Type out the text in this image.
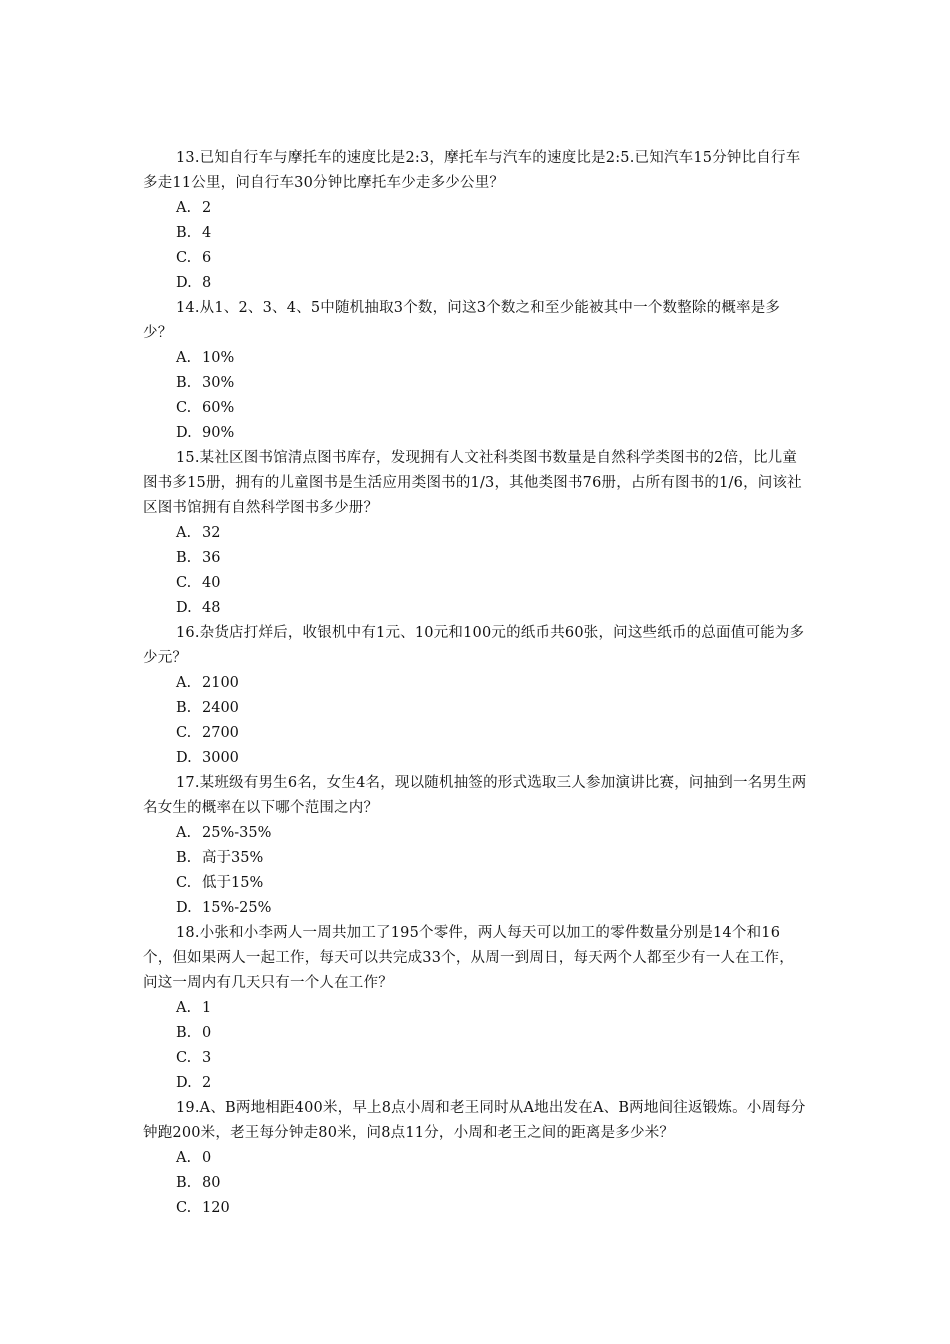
13.已知自行车与摩托车的速度比是2:3，摩托车与汽车的速度比是2:5.已知汽车15分钟比自行车多走11公里，问自行车30分钟比摩托车少走多少公里？

A. 2
B. 4
C. 6
D. 8

14.从1、2、3、4、5中随机抽取3个数，问这3个数之和至少能被其中一个数整除的概率是多少？

A. 10%
B. 30%
C. 60%
D. 90%

15.某社区图书馆清点图书库存，发现拥有人文社科类图书数量是自然科学类图书的2倍，比儿童图书多15册，拥有的儿童图书是生活应用类图书的1/3，其他类图书76册，占所有图书的1/6，问该社区图书馆拥有自然科学图书多少册？

A. 32
B. 36
C. 40
D. 48

16.杂货店打烊后，收银机中有1元、10元和100元的纸币共60张，问这些纸币的总面值可能为多少元？

A. 2100
B. 2400
C. 2700
D. 3000

17.某班级有男生6名，女生4名，现以随机抽签的形式选取三人参加演讲比赛，问抽到一名男生两名女生的概率在以下哪个范围之内？

A. 25%-35%
B. 高于35%
C. 低于15%
D. 15%-25%

18.小张和小李两人一周共加工了195个零件，两人每天可以加工的零件数量分别是14个和16个，但如果两人一起工作，每天可以共完成33个，从周一到周日，每天两个人都至少有一人在工作，问这一周内有几天只有一个人在工作？

A. 1
B. 0
C. 3
D. 2

19.A、B两地相距400米，早上8点小周和老王同时从A地出发在A、B两地间往返锻炼。小周每分钟跑200米，老王每分钟走80米，问8点11分，小周和老王之间的距离是多少米？

A. 0
B. 80
C. 120
